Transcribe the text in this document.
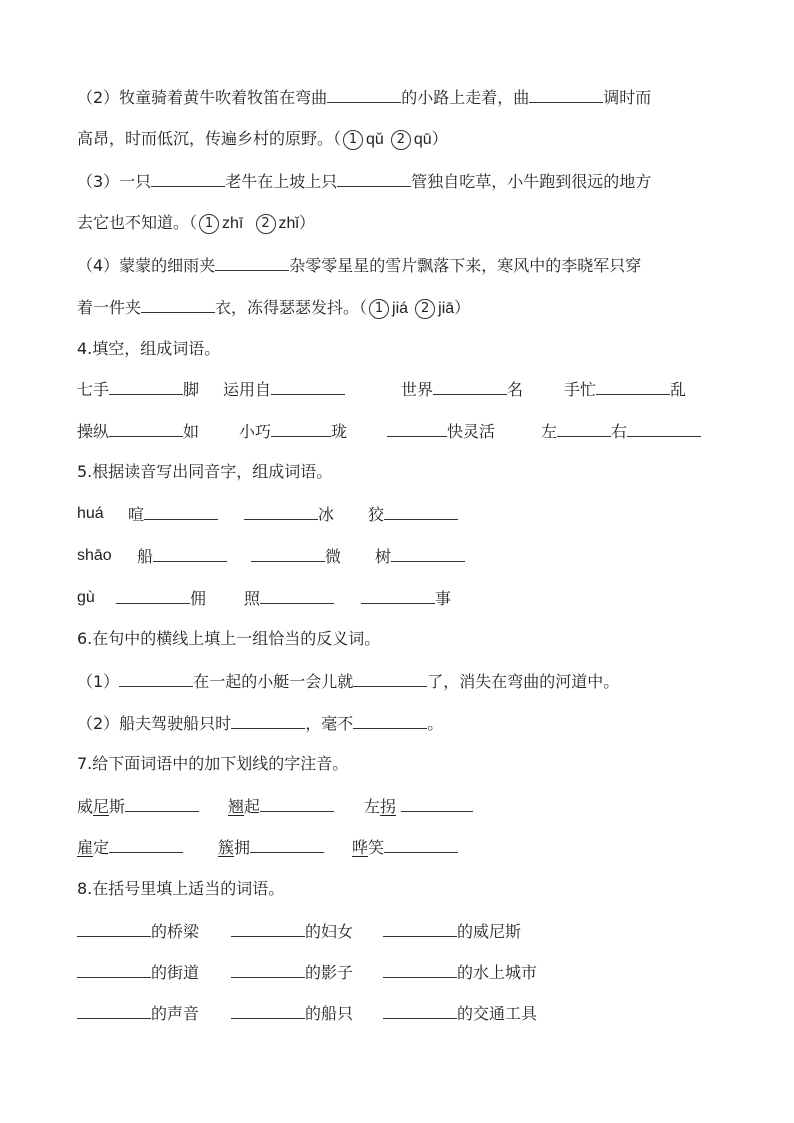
（2）牧童骑着黄牛吹着牧笛在弯曲	的小路上走着，曲	调时而
高昂，时而低沉，传遍乡村的原野。（ 1 qǔ 2 qū）
（3）一只	老牛在上坡上只	管独自吃草，小牛跑到很远的地方
去它也不知道。（ 1 zhī 2 zhǐ）
（4）蒙蒙的细雨夹	杂零零星星的雪片飘落下来，寒风中的李晓军只穿
着一件夹	衣，冻得瑟瑟发抖。（ 1 jiá 2 jiā）
4.填空，组成词语。
七手	脚 运用自	世界	名	手忙	乱
操纵	如 小巧	珑	快灵活	左	右
5.根据读音写出同音字，组成词语。
huá 喧	冰 狡
shāo 船	微 树
gù	佣 照	事
6.在句中的横线上填上一组恰当的反义词。
（1）	在一起的小艇一会儿就	了，消失在弯曲的河道中。
（2）船夫驾驶船只时	，毫不	。
7.给下面词语中的加下划线的字注音。
威尼斯	翘起	左拐
雇定	簇拥	哗笑
8.在括号里填上适当的词语。
的桥梁	的妇女	的威尼斯
的街道	的影子	的水上城市
的声音	的船只	的交通工具
